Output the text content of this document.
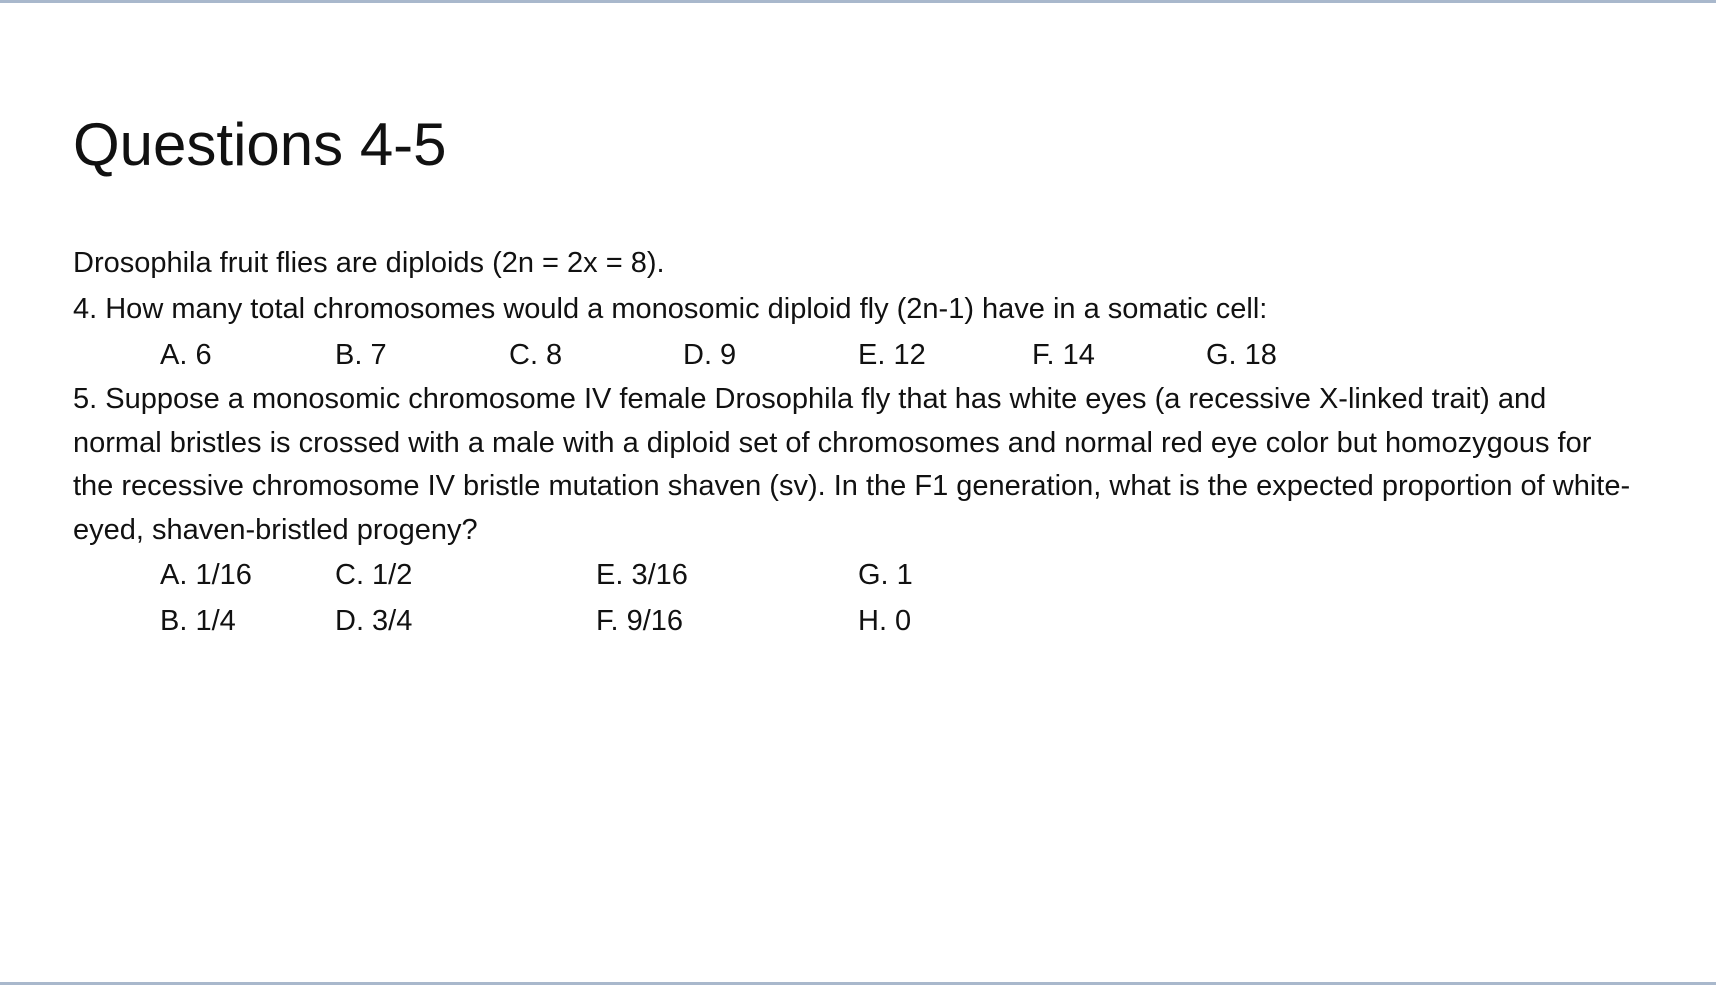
Questions 4-5
Drosophila fruit flies are diploids (2n = 2x = 8).
4. How many total chromosomes would a monosomic diploid fly (2n-1) have in a somatic cell:
A. 6	B. 7	C. 8	D. 9	E. 12	F. 14	G. 18
5. Suppose a monosomic chromosome IV female Drosophila fly that has white eyes (a recessive X-linked trait) and normal bristles is crossed with a male with a diploid set of chromosomes and normal red eye color but homozygous for the recessive chromosome IV bristle mutation shaven (sv). In the F1 generation, what is the expected proportion of white-eyed, shaven-bristled progeny?
A. 1/16	C. 1/2	E. 3/16	G. 1
B. 1/4	D. 3/4	F. 9/16	H. 0
